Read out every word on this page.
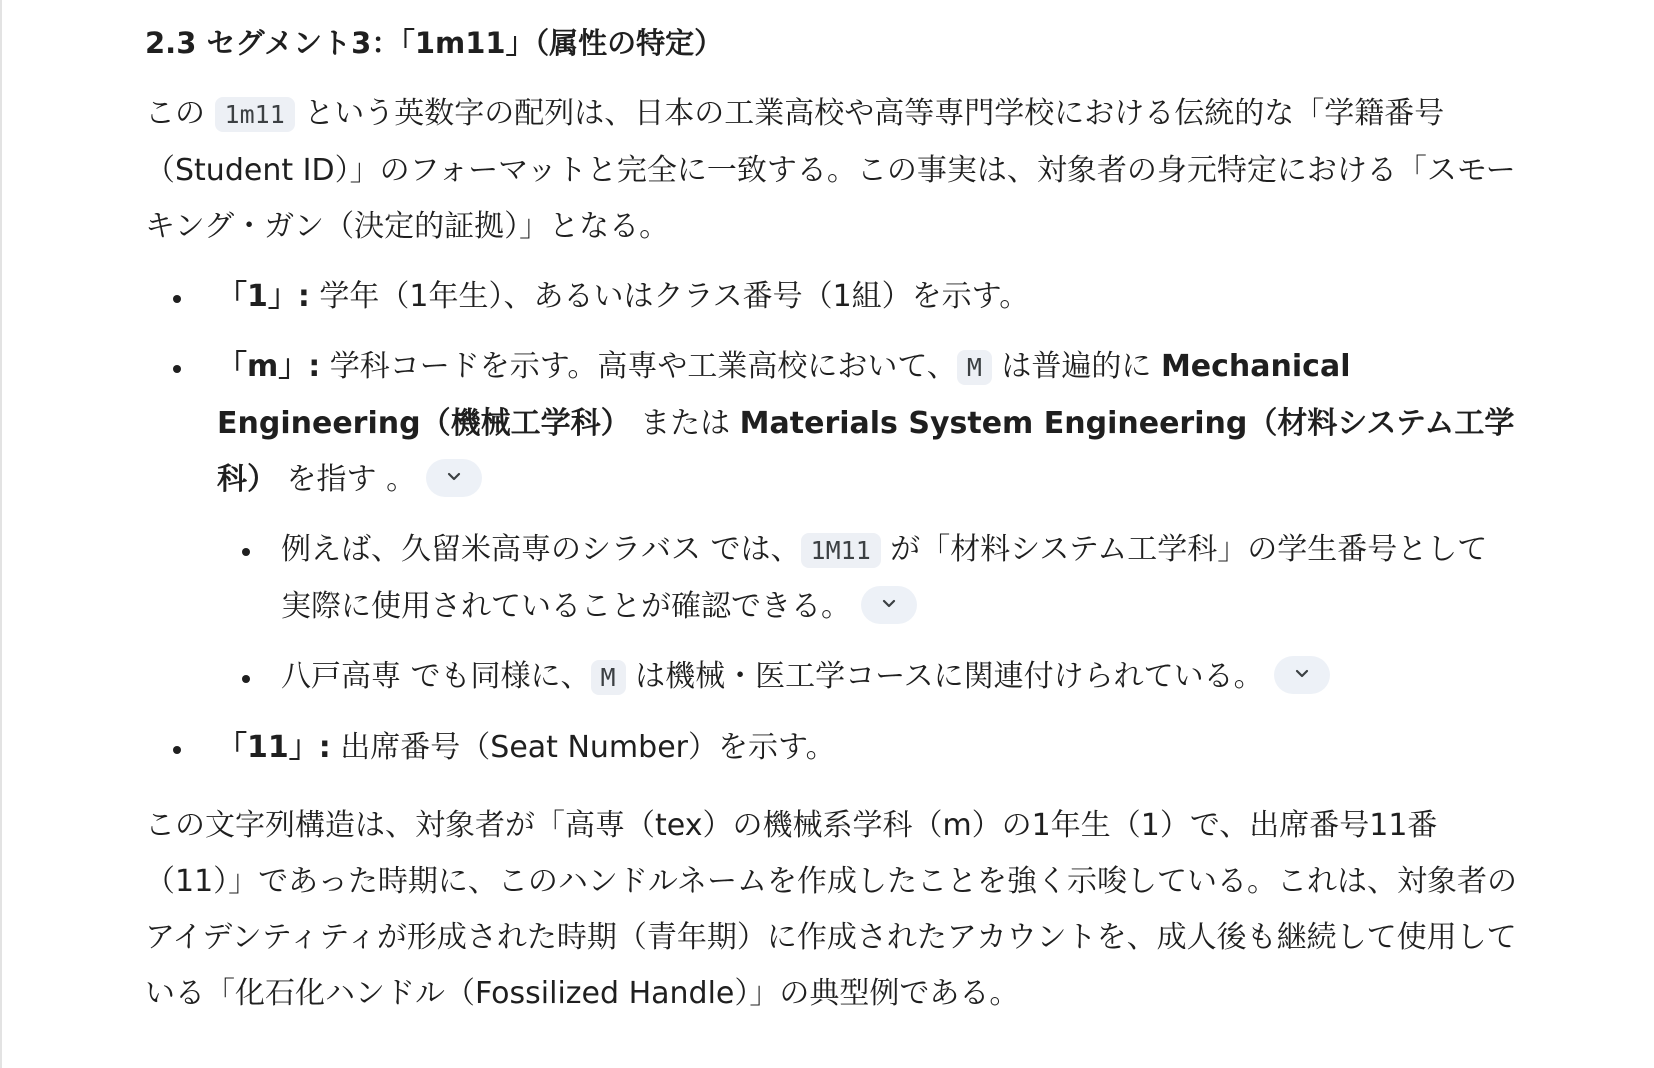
2.3 セグメント3：「1m11」（属性の特定）

この 1m11 という英数字の配列は、日本の工業高校や高等専門学校における伝統的な「学籍番号（Student ID）」のフォーマットと完全に一致する。この事実は、対象者の身元特定における「スモーキング・ガン（決定的証拠）」となる。

「1」: 学年（1年生）、あるいはクラス番号（1組）を示す。
「m」: 学科コードを示す。高専や工業高校において、 M は普遍的に Mechanical Engineering（機械工学科） または Materials System Engineering（材料システム工学科） を指す 。
例えば、久留米高専のシラバス では、 1M11 が「材料システム工学科」の学生番号として実際に使用されていることが確認できる。
八戸高専 でも同様に、 M は機械・医工学コースに関連付けられている。
「11」: 出席番号（Seat Number）を示す。

この文字列構造は、対象者が「高専（tex）の機械系学科（m）の1年生（1）で、出席番号11番（11）」であった時期に、このハンドルネームを作成したことを強く示唆している。これは、対象者のアイデンティティが形成された時期（青年期）に作成されたアカウントを、成人後も継続して使用している「化石化ハンドル（Fossilized Handle）」の典型例である。
